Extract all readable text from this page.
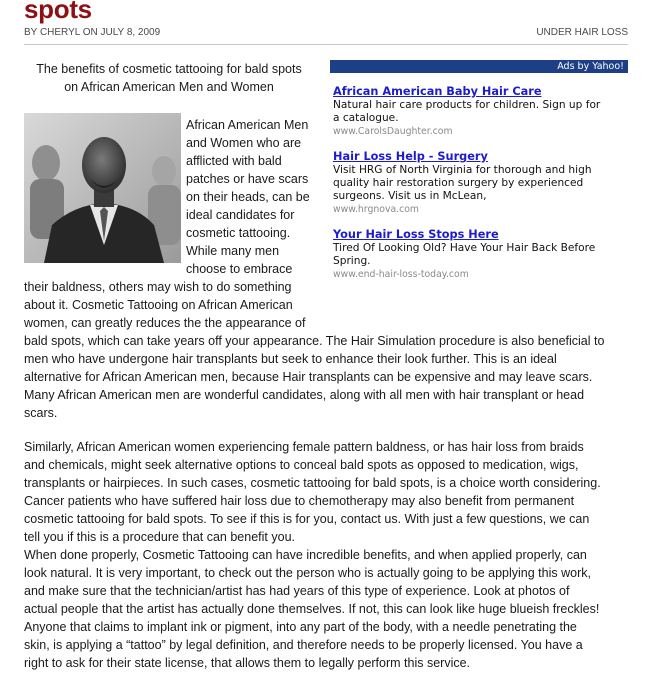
spots
BY CHERYL ON JULY 8, 2009	UNDER HAIR LOSS
The benefits of cosmetic tattooing for bald spots
on African American Men and Women
Ads by Yahoo!
African American Baby Hair Care
Natural hair care products for children. Sign up for
a catalogue.
www.CarolsDaughter.com
Hair Loss Help - Surgery
Visit HRG of North Virginia for thorough and high
quality hair restoration surgery by experienced
surgeons. Visit us in McLean,
www.hrgnova.com
Your Hair Loss Stops Here
Tired Of Looking Old? Have Your Hair Back Before
Spring.
www.end-hair-loss-today.com
African American Men
and Women who are
afflicted with bald
patches or have scars
on their heads, can be
ideal candidates for
cosmetic tattooing.
While many men
choose to embrace
their baldness, others may wish to do something
about it. Cosmetic Tattooing on African American
women, can greatly reduces the the appearance of
bald spots, which can take years off your appearance. The Hair Simulation procedure is also beneficial to
men who have undergone hair transplants but seek to enhance their look further. This is an ideal
alternative for African American men, because Hair transplants can be expensive and may leave scars.
Many African American men are wonderful candidates, along with all men with hair transplant or head
scars.
Similarly, African American women experiencing female pattern baldness, or has hair loss from braids
and chemicals, might seek alternative options to conceal bald spots as opposed to medication, wigs,
transplants or hairpieces. In such cases, cosmetic tattooing for bald spots, is a choice worth considering.
Cancer patients who have suffered hair loss due to chemotherapy may also benefit from permanent
cosmetic tattooing for bald spots. To see if this is for you, contact us. With just a few questions, we can
tell you if this is a procedure that can benefit you.
When done properly, Cosmetic Tattooing can have incredible benefits, and when applied properly, can
look natural. It is very important, to check out the person who is actually going to be applying this work,
and make sure that the technician/artist has had years of this type of experience. Look at photos of
actual people that the artist has actually done themselves. If not, this can look like huge blueish freckles!
Anyone that claims to implant ink or pigment, into any part of the body, with a needle penetrating the
skin, is applying a “tattoo” by legal definition, and therefore needs to be properly licensed. You have a
right to ask for their state license, that allows them to legally perform this service.
